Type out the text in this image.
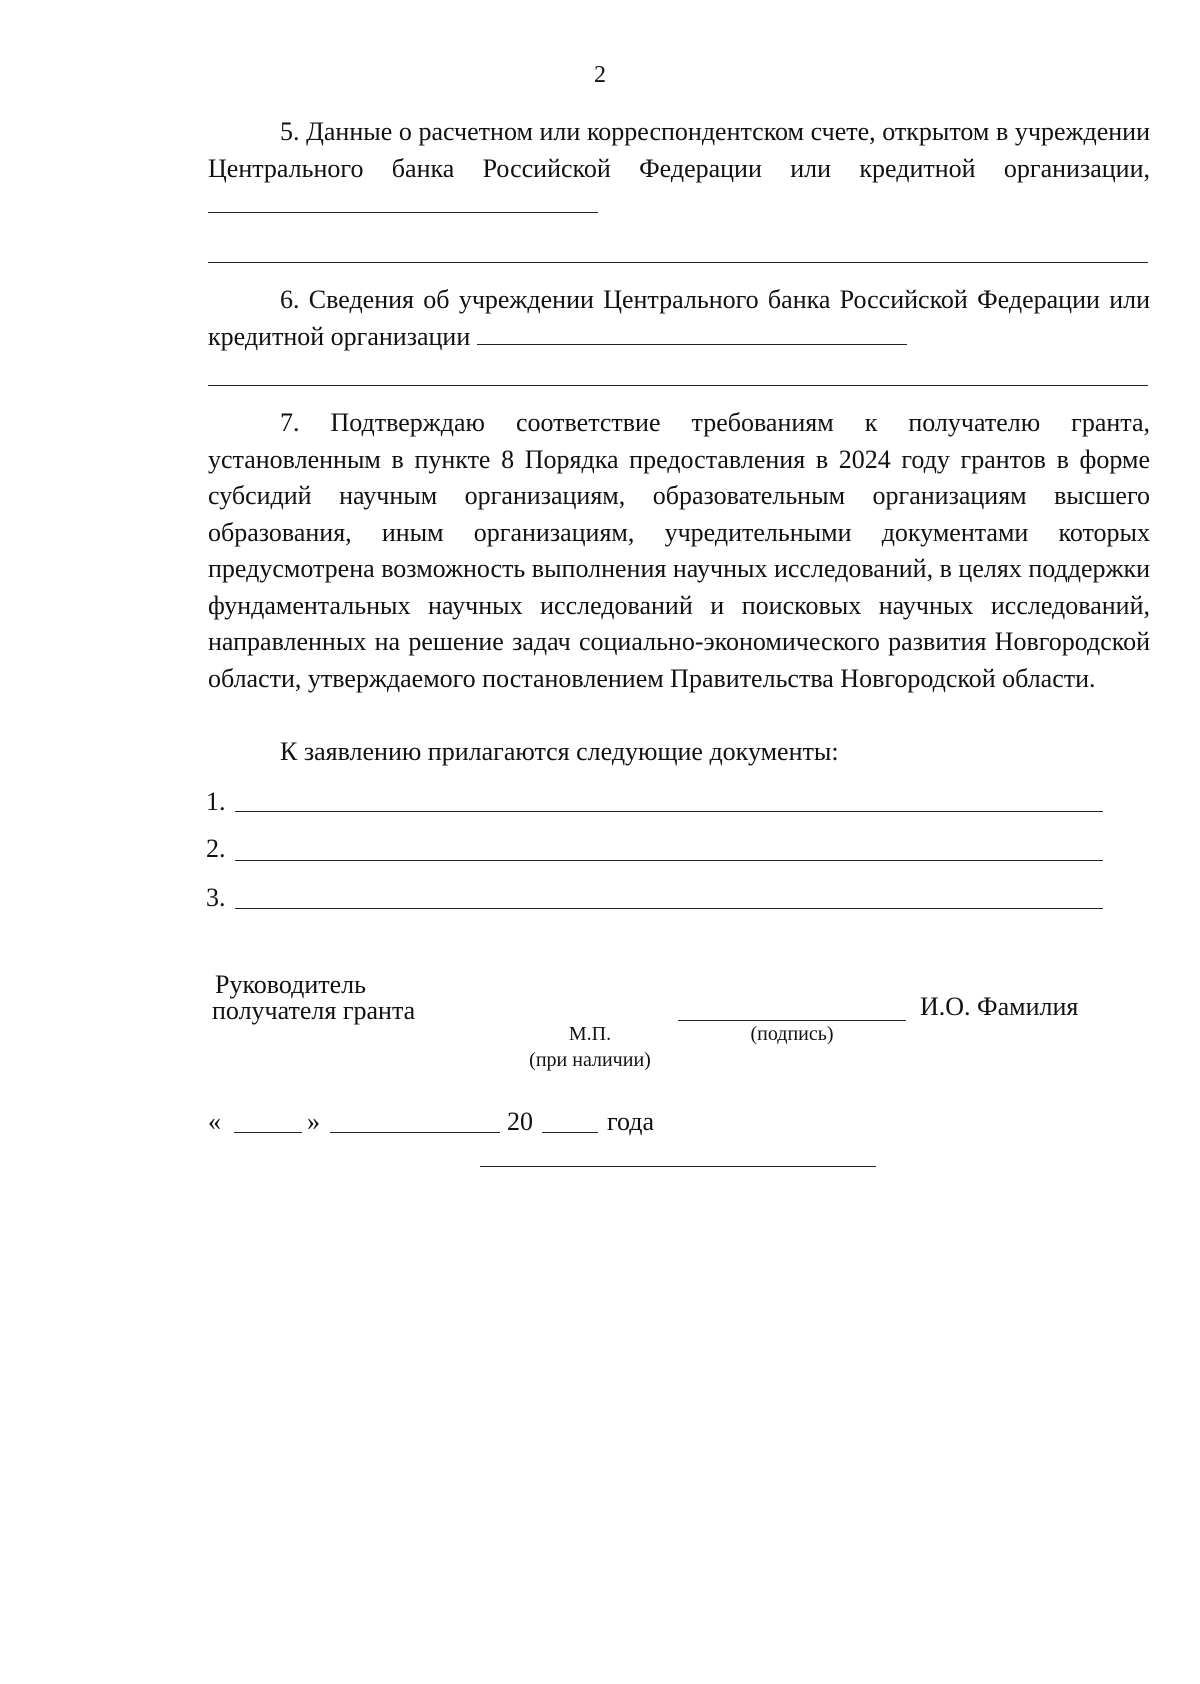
2
5. Данные о расчетном или корреспондентском счете, открытом в учреждении Центрального банка Российской Федерации или кредитной организации,
6. Сведения об учреждении Центрального банка Российской Федерации или кредитной организации
7. Подтверждаю соответствие требованиям к получателю гранта, установленным в пункте 8 Порядка предоставления в 2024 году грантов в форме субсидий научным организациям, образовательным организациям высшего образования, иным организациям, учредительными документами которых предусмотрена возможность выполнения научных исследований, в целях поддержки фундаментальных научных исследований и поисковых научных исследований, направленных на решение задач социально-экономического развития Новгородской области, утверждаемого постановлением Правительства Новгородской области.
К заявлению прилагаются следующие документы:
1.
2.
3.
Руководитель
получателя гранта	И.О. Фамилия
М.П.
(при наличии)
(подпись)
«	»	20	года
